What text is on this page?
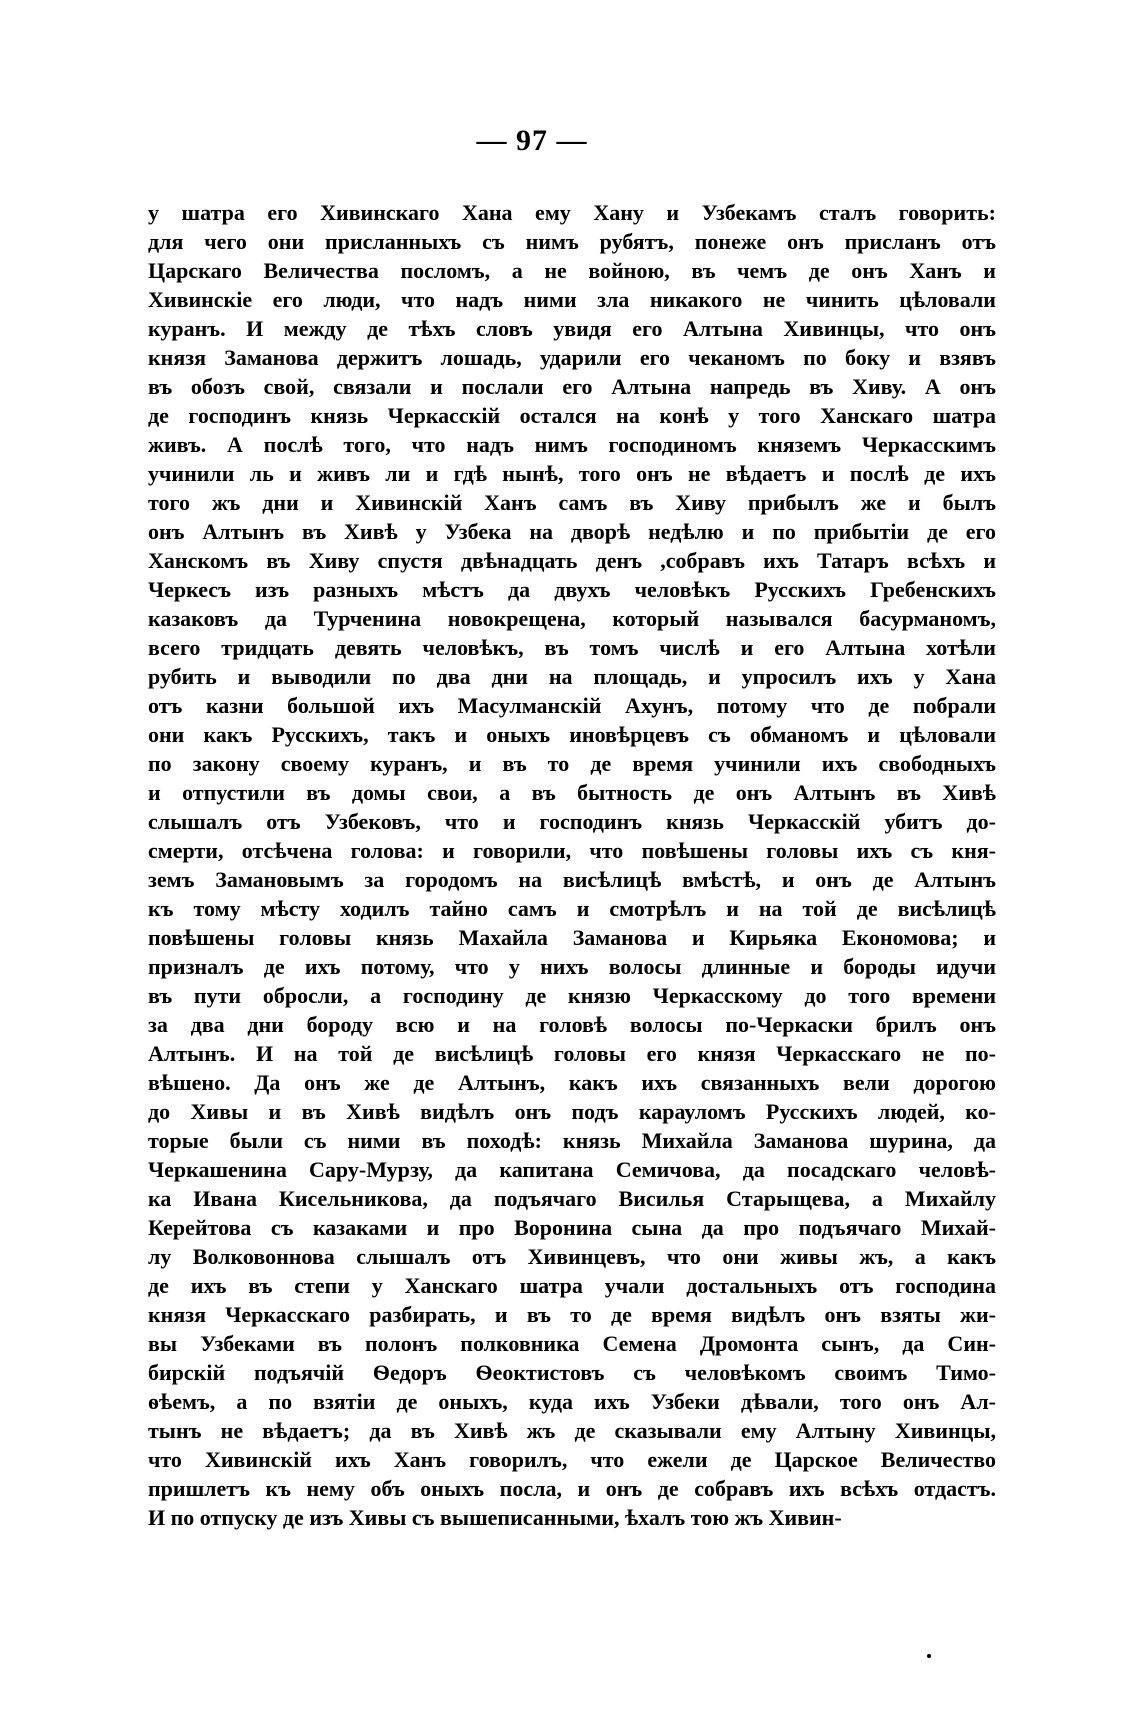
— 97 —
у шатра его Хивинскаго Хана ему Хану и Узбекамъ сталъ говорить:
для чего они присланныхъ съ нимъ рубятъ, понеже онъ присланъ отъ
Царскаго Величества посломъ, а не войною, въ чемъ де онъ Ханъ и
Хивинскіе его люди, что надъ ними зла никакого не чинить цѣловали
куранъ. И между де тѣхъ словъ увидя его Алтына Хивинцы, что онъ
князя Заманова держитъ лошадь, ударили его чеканомъ по боку и взявъ
въ обозъ свой, связали и послали его Алтына напредь въ Хиву. А онъ
де господинъ князь Черкасскій остался на конѣ у того Ханскаго шатра
живъ. А послѣ того, что надъ нимъ господиномъ княземъ Черкасскимъ
учинили ль и живъ ли и гдѣ нынѣ, того онъ не вѣдаетъ и послѣ де ихъ
того жъ дни и Хивинскій Ханъ самъ въ Хиву прибылъ же и былъ
онъ Алтынъ въ Хивѣ у Узбека на дворѣ недѣлю и по прибытіи де его
Ханскомъ въ Хиву спустя двѣнадцать денъ ,собравъ ихъ Татаръ всѣхъ и
Черкесъ изъ разныхъ мѣстъ да двухъ человѣкъ Русскихъ Гребенскихъ
казаковъ да Турченина новокрещена, который назывался басурманомъ,
всего тридцать девять человѣкъ, въ томъ числѣ и его Алтына хотѣли
рубить и выводили по два дни на площадь, и упросилъ ихъ у Хана
отъ казни большой ихъ Масулманскій Ахунъ, потому что де побрали
они какъ Русскихъ, такъ и оныхъ иновѣрцевъ съ обманомъ и цѣловали
по закону своему куранъ, и въ то де время учинили ихъ свободныхъ
и отпустили въ домы свои, а въ бытность де онъ Алтынъ въ Хивѣ
слышалъ отъ Узбековъ, что и господинъ князь Черкасскій убитъ до-
смерти, отсѣчена голова: и говорили, что повѣшены головы ихъ съ кня-
земъ Замановымъ за городомъ на висѣлицѣ вмѣстѣ, и онъ де Алтынъ
къ тому мѣсту ходилъ тайно самъ и смотрѣлъ и на той де висѣлицѣ
повѣшены головы князь Махайла Заманова и Кирьяка Економова; и
призналъ де ихъ потому, что у нихъ волосы длинные и бороды идучи
въ пути обросли, а господину де князю Черкасскому до того времени
за два дни бороду всю и на головѣ волосы по-Черкаски брилъ онъ
Алтынъ. И на той де висѣлицѣ головы его князя Черкасскаго не по-
вѣшено. Да онъ же де Алтынъ, какъ ихъ связанныхъ вели дорогою
до Хивы и въ Хивѣ видѣлъ онъ подъ карауломъ Русскихъ людей, ко-
торые были съ ними въ походѣ: князь Михайла Заманова шурина, да
Черкашенина Сару-Мурзу, да капитана Семичова, да посадскаго человѣ-
ка Ивана Кисельникова, да подъячаго Висилья Старыщева, а Михайлу
Керейтова съ казаками и про Воронина сына да про подъячаго Михай-
лу Волковоннова слышалъ отъ Хивинцевъ, что они живы жъ, а какъ
де ихъ въ степи у Ханскаго шатра учали достальныхъ отъ господина
князя Черкасскаго разбирать, и въ то де время видѣлъ онъ взяты жи-
вы Узбеками въ полонъ полковника Семена Дромонта сынъ, да Син-
бирскій подъячій Ѳедоръ Ѳеоктистовъ съ человѣкомъ своимъ Тимо-
ѳѣемъ, а по взятіи де оныхъ, куда ихъ Узбеки дѣвали, того онъ Ал-
тынъ не вѣдаетъ; да въ Хивѣ жъ де сказывали ему Алтыну Хивинцы,
что Хивинскій ихъ Ханъ говорилъ, что ежели де Царское Величество
пришлетъ къ нему объ оныхъ посла, и онъ де собравъ ихъ всѣхъ отдастъ.
И по отпуску де изъ Хивы съ вышеписанными, ѣхалъ тою жъ Хивин-
